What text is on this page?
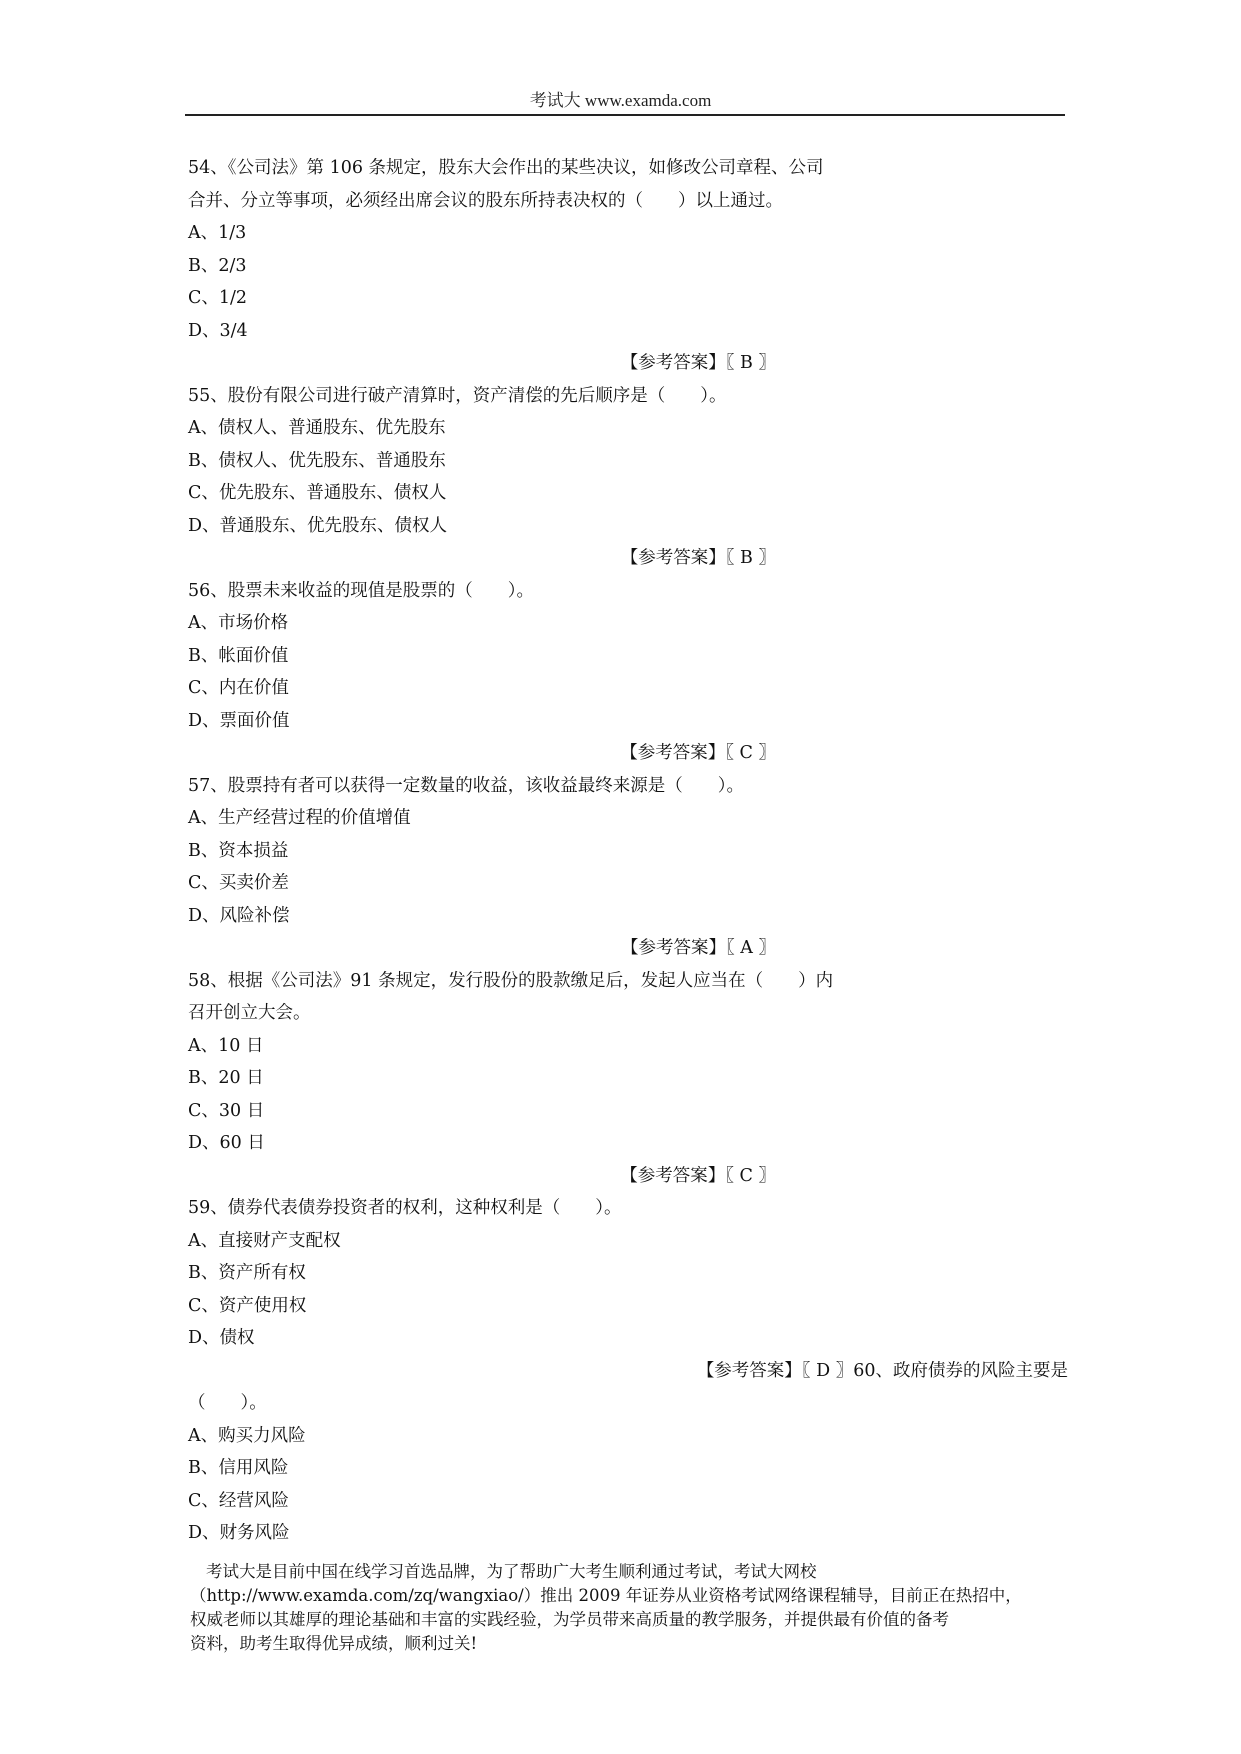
考试大 www.examda.com
54、《公司法》第 106 条规定，股东大会作出的某些决议，如修改公司章程、公司
合并、分立等事项，必须经出席会议的股东所持表决权的（　　）以上通过。
A、1/3
B、2/3
C、1/2
D、3/4
【参考答案】〖 B 〗
55、股份有限公司进行破产清算时，资产清偿的先后顺序是（　　）。
A、债权人、普通股东、优先股东
B、债权人、优先股东、普通股东
C、优先股东、普通股东、债权人
D、普通股东、优先股东、债权人
【参考答案】〖 B 〗
56、股票未来收益的现值是股票的（　　）。
A、市场价格
B、帐面价值
C、内在价值
D、票面价值
【参考答案】〖 C 〗
57、股票持有者可以获得一定数量的收益，该收益最终来源是（　　）。
A、生产经营过程的价值增值
B、资本损益
C、买卖价差
D、风险补偿
【参考答案】〖 A 〗
58、根据《公司法》91 条规定，发行股份的股款缴足后，发起人应当在（　　）内
召开创立大会。
A、10 日
B、20 日
C、30 日
D、60 日
【参考答案】〖 C 〗
59、债券代表债券投资者的权利，这种权利是（　　）。
A、直接财产支配权
B、资产所有权
C、资产使用权
D、债权
【参考答案】〖 D 〗60、政府债券的风险主要是
（　　）。
A、购买力风险
B、信用风险
C、经营风险
D、财务风险
考试大是目前中国在线学习首选品牌，为了帮助广大考生顺利通过考试，考试大网校
（http://www.examda.com/zq/wangxiao/）推出 2009 年证券从业资格考试网络课程辅导，目前正在热招中，
权威老师以其雄厚的理论基础和丰富的实践经验，为学员带来高质量的教学服务，并提供最有价值的备考
资料，助考生取得优异成绩，顺利过关!
